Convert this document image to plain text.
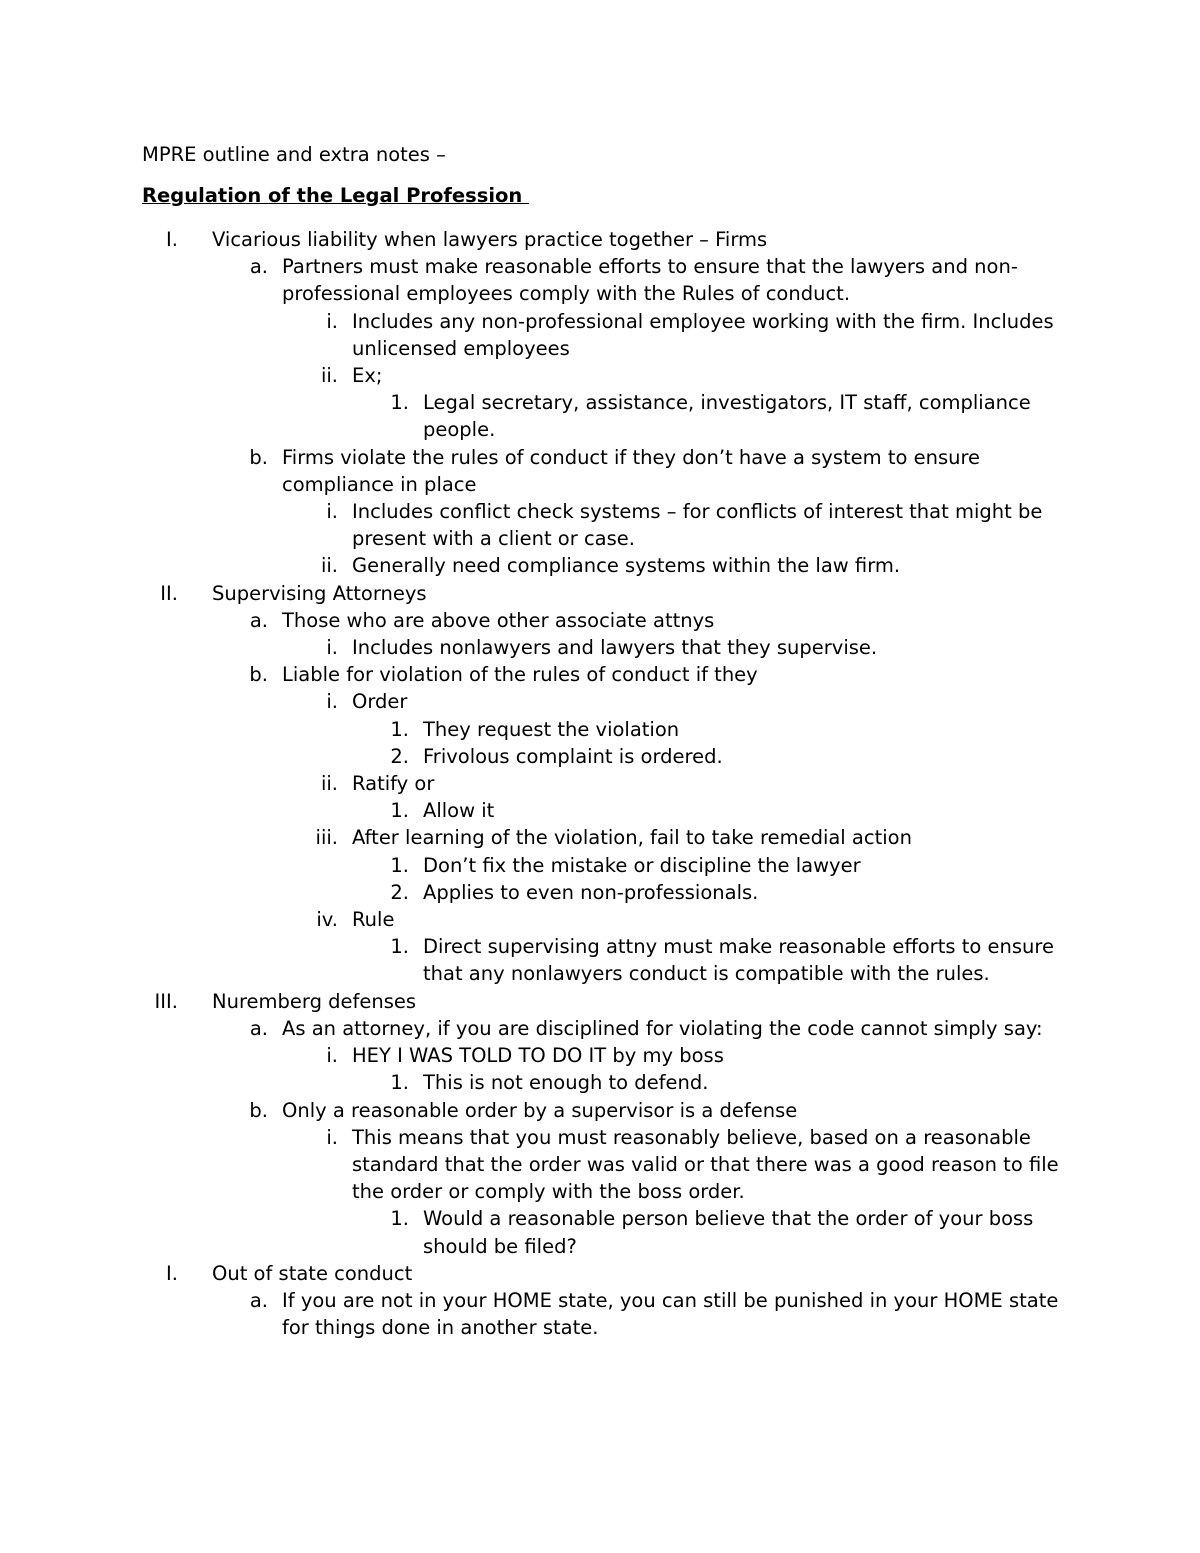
MPRE outline and extra notes –
Regulation of the Legal Profession
I. Vicarious liability when lawyers practice together – Firms
a. Partners must make reasonable efforts to ensure that the lawyers and non-professional employees comply with the Rules of conduct.
i. Includes any non-professional employee working with the firm. Includes unlicensed employees
ii. Ex;
1. Legal secretary, assistance, investigators, IT staff, compliance people.
b. Firms violate the rules of conduct if they don’t have a system to ensure compliance in place
i. Includes conflict check systems – for conflicts of interest that might be present with a client or case.
ii. Generally need compliance systems within the law firm.
II. Supervising Attorneys
a. Those who are above other associate attnys
i. Includes nonlawyers and lawyers that they supervise.
b. Liable for violation of the rules of conduct if they
i. Order
1. They request the violation
2. Frivolous complaint is ordered.
ii. Ratify or
1. Allow it
iii. After learning of the violation, fail to take remedial action
1. Don’t fix the mistake or discipline the lawyer
2. Applies to even non-professionals.
iv. Rule
1. Direct supervising attny must make reasonable efforts to ensure that any nonlawyers conduct is compatible with the rules.
III. Nuremberg defenses
a. As an attorney, if you are disciplined for violating the code cannot simply say:
i. HEY I WAS TOLD TO DO IT by my boss
1. This is not enough to defend.
b. Only a reasonable order by a supervisor is a defense
i. This means that you must reasonably believe, based on a reasonable standard that the order was valid or that there was a good reason to file the order or comply with the boss order.
1. Would a reasonable person believe that the order of your boss should be filed?
I. Out of state conduct
a. If you are not in your HOME state, you can still be punished in your HOME state for things done in another state.
